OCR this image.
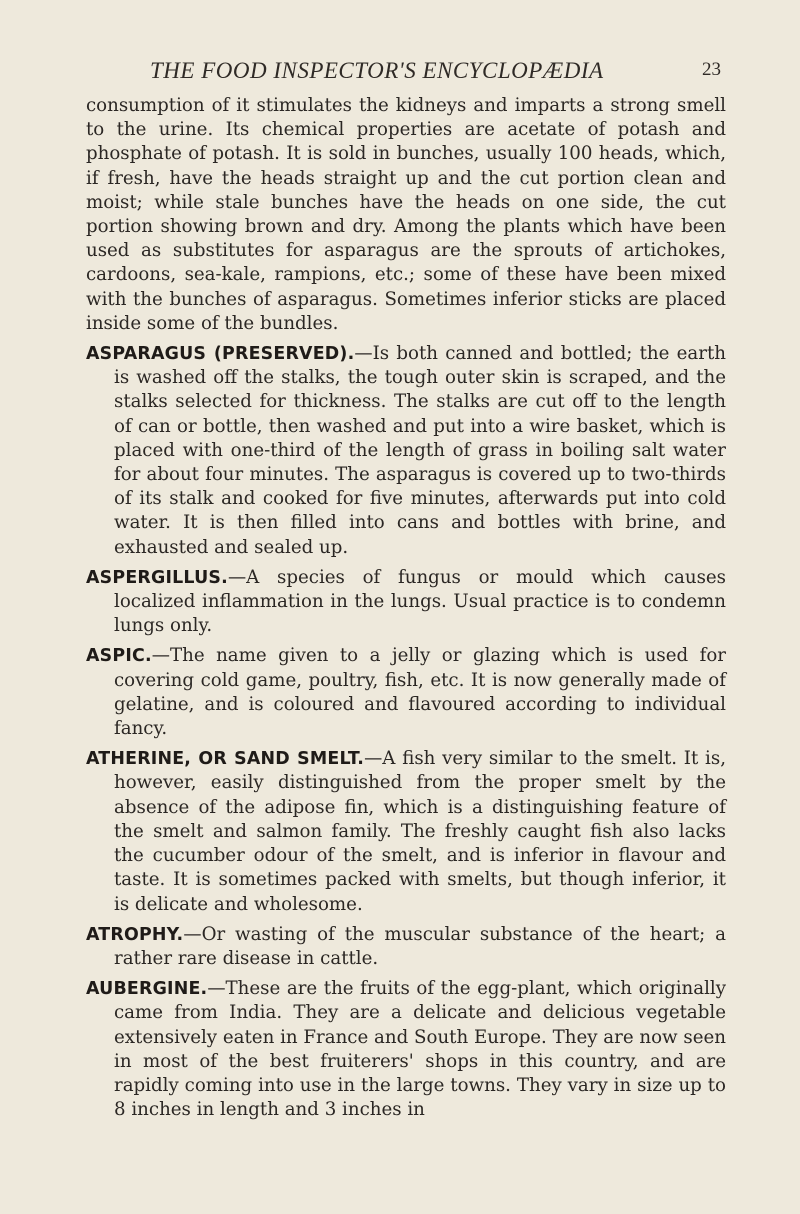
THE FOOD INSPECTOR'S ENCYCLOPÆDIA	23

consumption of it stimulates the kidneys and imparts a strong smell to the urine. Its chemical properties are acetate of potash and phosphate of potash. It is sold in bunches, usually 100 heads, which, if fresh, have the heads straight up and the cut portion clean and moist; while stale bunches have the heads on one side, the cut portion showing brown and dry. Among the plants which have been used as substitutes for asparagus are the sprouts of artichokes, cardoons, sea-kale, rampions, etc.; some of these have been mixed with the bunches of asparagus. Sometimes inferior sticks are placed inside some of the bundles.

ASPARAGUS (PRESERVED).—Is both canned and bottled; the earth is washed off the stalks, the tough outer skin is scraped, and the stalks selected for thickness. The stalks are cut off to the length of can or bottle, then washed and put into a wire basket, which is placed with one-third of the length of grass in boiling salt water for about four minutes. The asparagus is covered up to two-thirds of its stalk and cooked for five minutes, afterwards put into cold water. It is then filled into cans and bottles with brine, and exhausted and sealed up.

ASPERGILLUS.—A species of fungus or mould which causes localized inflammation in the lungs. Usual practice is to condemn lungs only.

ASPIC.—The name given to a jelly or glazing which is used for covering cold game, poultry, fish, etc. It is now generally made of gelatine, and is coloured and flavoured according to individual fancy.

ATHERINE, OR SAND SMELT.—A fish very similar to the smelt. It is, however, easily distinguished from the proper smelt by the absence of the adipose fin, which is a distinguishing feature of the smelt and salmon family. The freshly caught fish also lacks the cucumber odour of the smelt, and is inferior in flavour and taste. It is sometimes packed with smelts, but though inferior, it is delicate and wholesome.

ATROPHY.—Or wasting of the muscular substance of the heart; a rather rare disease in cattle.

AUBERGINE.—These are the fruits of the egg-plant, which originally came from India. They are a delicate and delicious vegetable extensively eaten in France and South Europe. They are now seen in most of the best fruiterers' shops in this country, and are rapidly coming into use in the large towns. They vary in size up to 8 inches in length and 3 inches in
